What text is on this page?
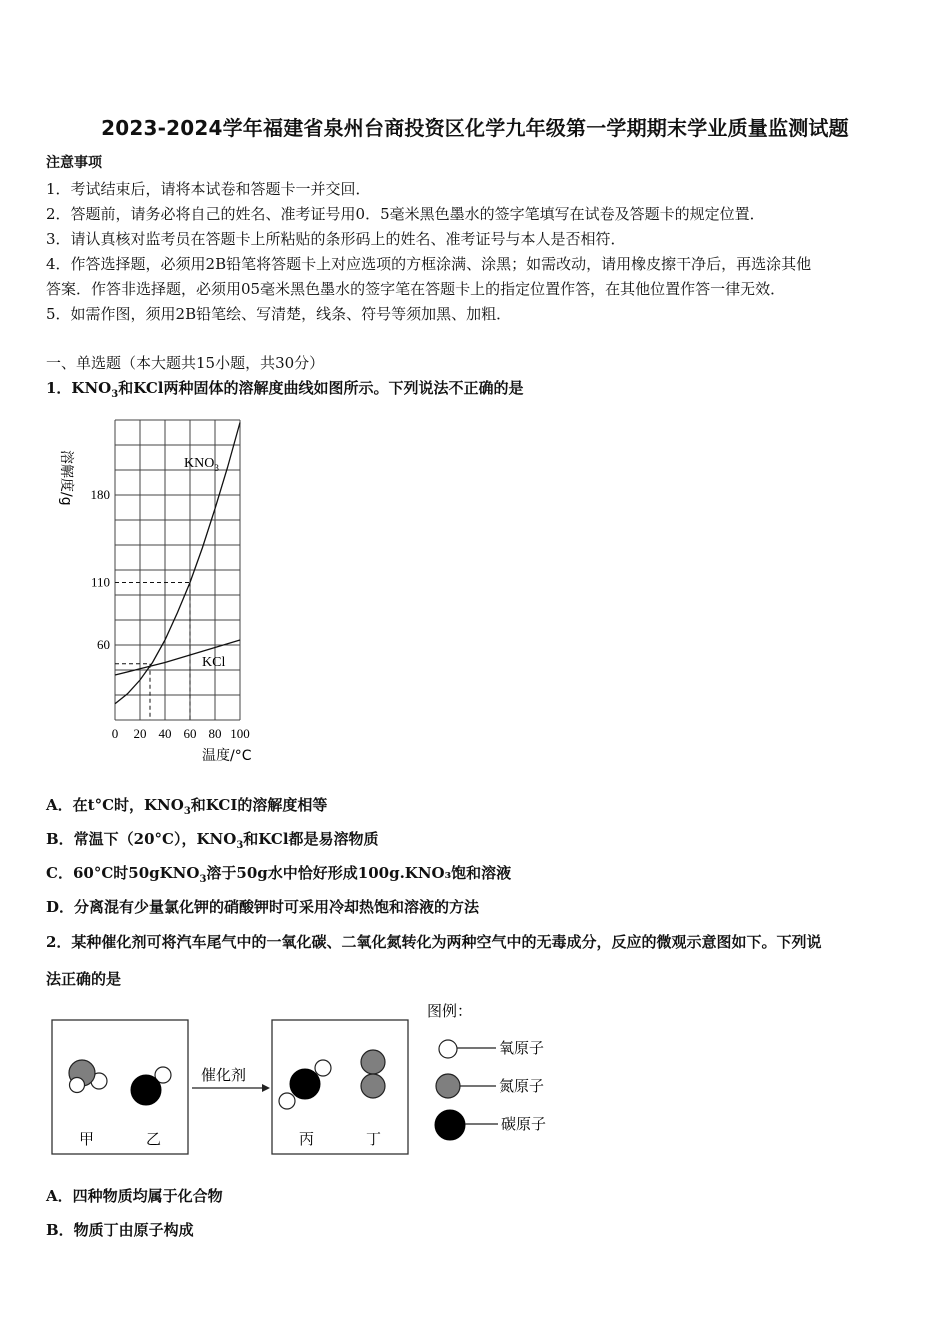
2023-2024学年福建省泉州台商投资区化学九年级第一学期期末学业质量监测试题
注意事项
1．考试结束后，请将本试卷和答题卡一并交回．
2．答题前，请务必将自己的姓名、准考证号用0．5毫米黑色墨水的签字笔填写在试卷及答题卡的规定位置．
3．请认真核对监考员在答题卡上所粘贴的条形码上的姓名、准考证号与本人是否相符．
4．作答选择题，必须用2B铅笔将答题卡上对应选项的方框涂满、涂黑；如需改动，请用橡皮擦干净后，再选涂其他
答案．作答非选择题，必须用05毫米黑色墨水的签字笔在答题卡上的指定位置作答，在其他位置作答一律无效．
5．如需作图，须用2B铅笔绘、写清楚，线条、符号等须加黑、加粗．
一、单选题（本大题共15小题，共30分）
1．$KNO_3$和KCl两种固体的溶解度曲线如图所示。下列说法不正确的是
0 20 40 60 80 100
60
110
180
溶解度/g
温度/°C
$KNO_3$
KCl
A．在t°C时，$KNO_3$和KCI的溶解度相等
B．常温下（20°C），$KNO_3$和KCl都是易溶物质
C．60°C时50gKNO$_3$溶于50g水中恰好形成100g.KNO₃饱和溶液
D．分离混有少量氯化钾的硝酸钾时可采用冷却热饱和溶液的方法
2．某种催化剂可将汽车尾气中的一氧化碳、二氧化氮转化为两种空气中的无毒成分，反应的微观示意图如下。下列说
法正确的是
甲	乙
催化剂
丙	丁
图例：
氧原子
氮原子
碳原子
A．四种物质均属于化合物
B．物质丁由原子构成
